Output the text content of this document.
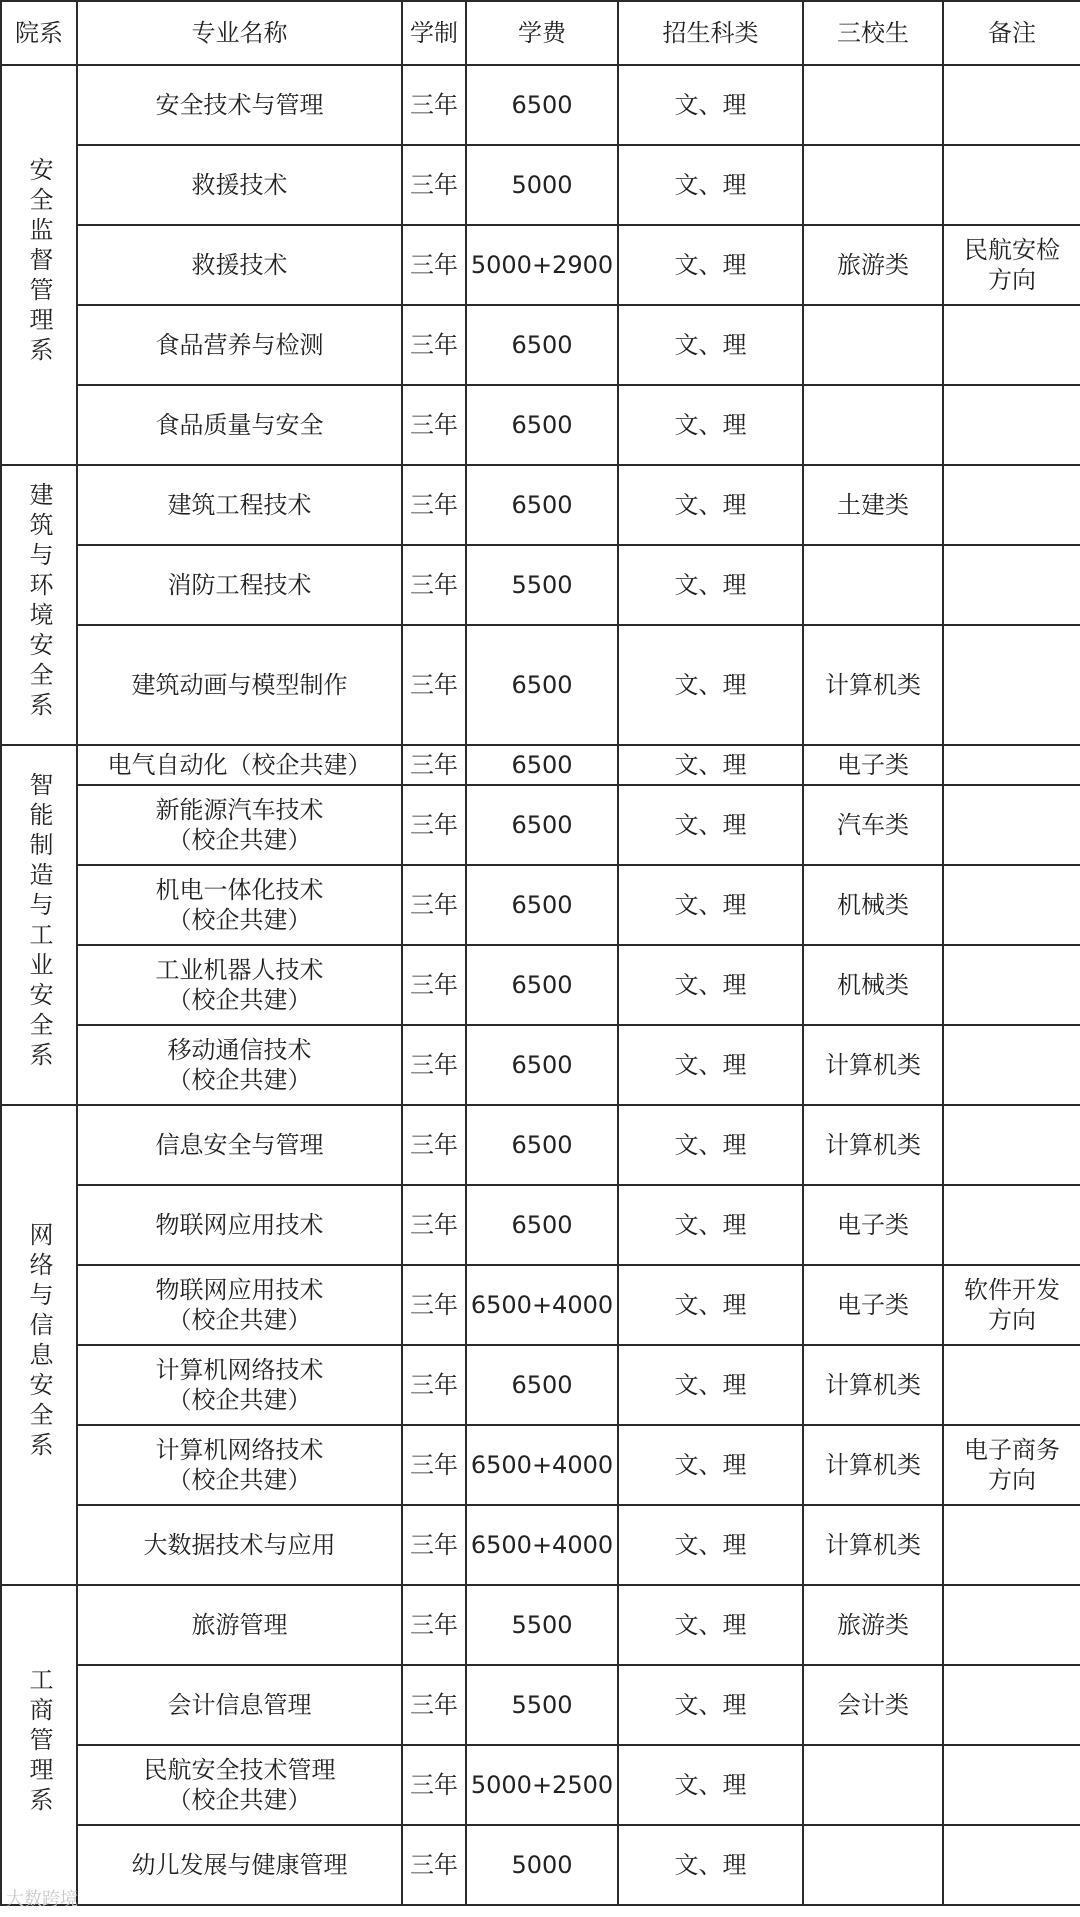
院系	专业名称	学制	学费	招生科类	三校生	备注
安全监督管理系	安全技术与管理	三年	6500	文、理		

	救援技术	三年	5000	文、理		

	救援技术	三年	5000+2900	文、理	旅游类	民航安检
方向

	食品营养与检测	三年	6500	文、理		

	食品质量与安全	三年	6500	文、理		
建筑与环境安全系	建筑工程技术	三年	6500	文、理	土建类	

	消防工程技术	三年	5500	文、理		

	建筑动画与模型制作	三年	6500	文、理	计算机类	
智能制造与工业安全系	电气自动化（校企共建）	三年	6500	文、理	电子类	

	新能源汽车技术
（校企共建）	三年	6500	文、理	汽车类	

	机电一体化技术
（校企共建）	三年	6500	文、理	机械类	

	工业机器人技术
（校企共建）	三年	6500	文、理	机械类	

	移动通信技术
（校企共建）	三年	6500	文、理	计算机类	
网络与信息安全系	信息安全与管理	三年	6500	文、理	计算机类	

	物联网应用技术	三年	6500	文、理	电子类	

	物联网应用技术
（校企共建）	三年	6500+4000	文、理	电子类	软件开发
方向

	计算机网络技术
（校企共建）	三年	6500	文、理	计算机类	

	计算机网络技术
（校企共建）	三年	6500+4000	文、理	计算机类	电子商务
方向

	大数据技术与应用	三年	6500+4000	文、理	计算机类	
工商管理系	旅游管理	三年	5500	文、理	旅游类	

	会计信息管理	三年	5500	文、理	会计类	

	民航安全技术管理
（校企共建）	三年	5000+2500	文、理		

	幼儿发展与健康管理	三年	5000	文、理		
大数跨境
